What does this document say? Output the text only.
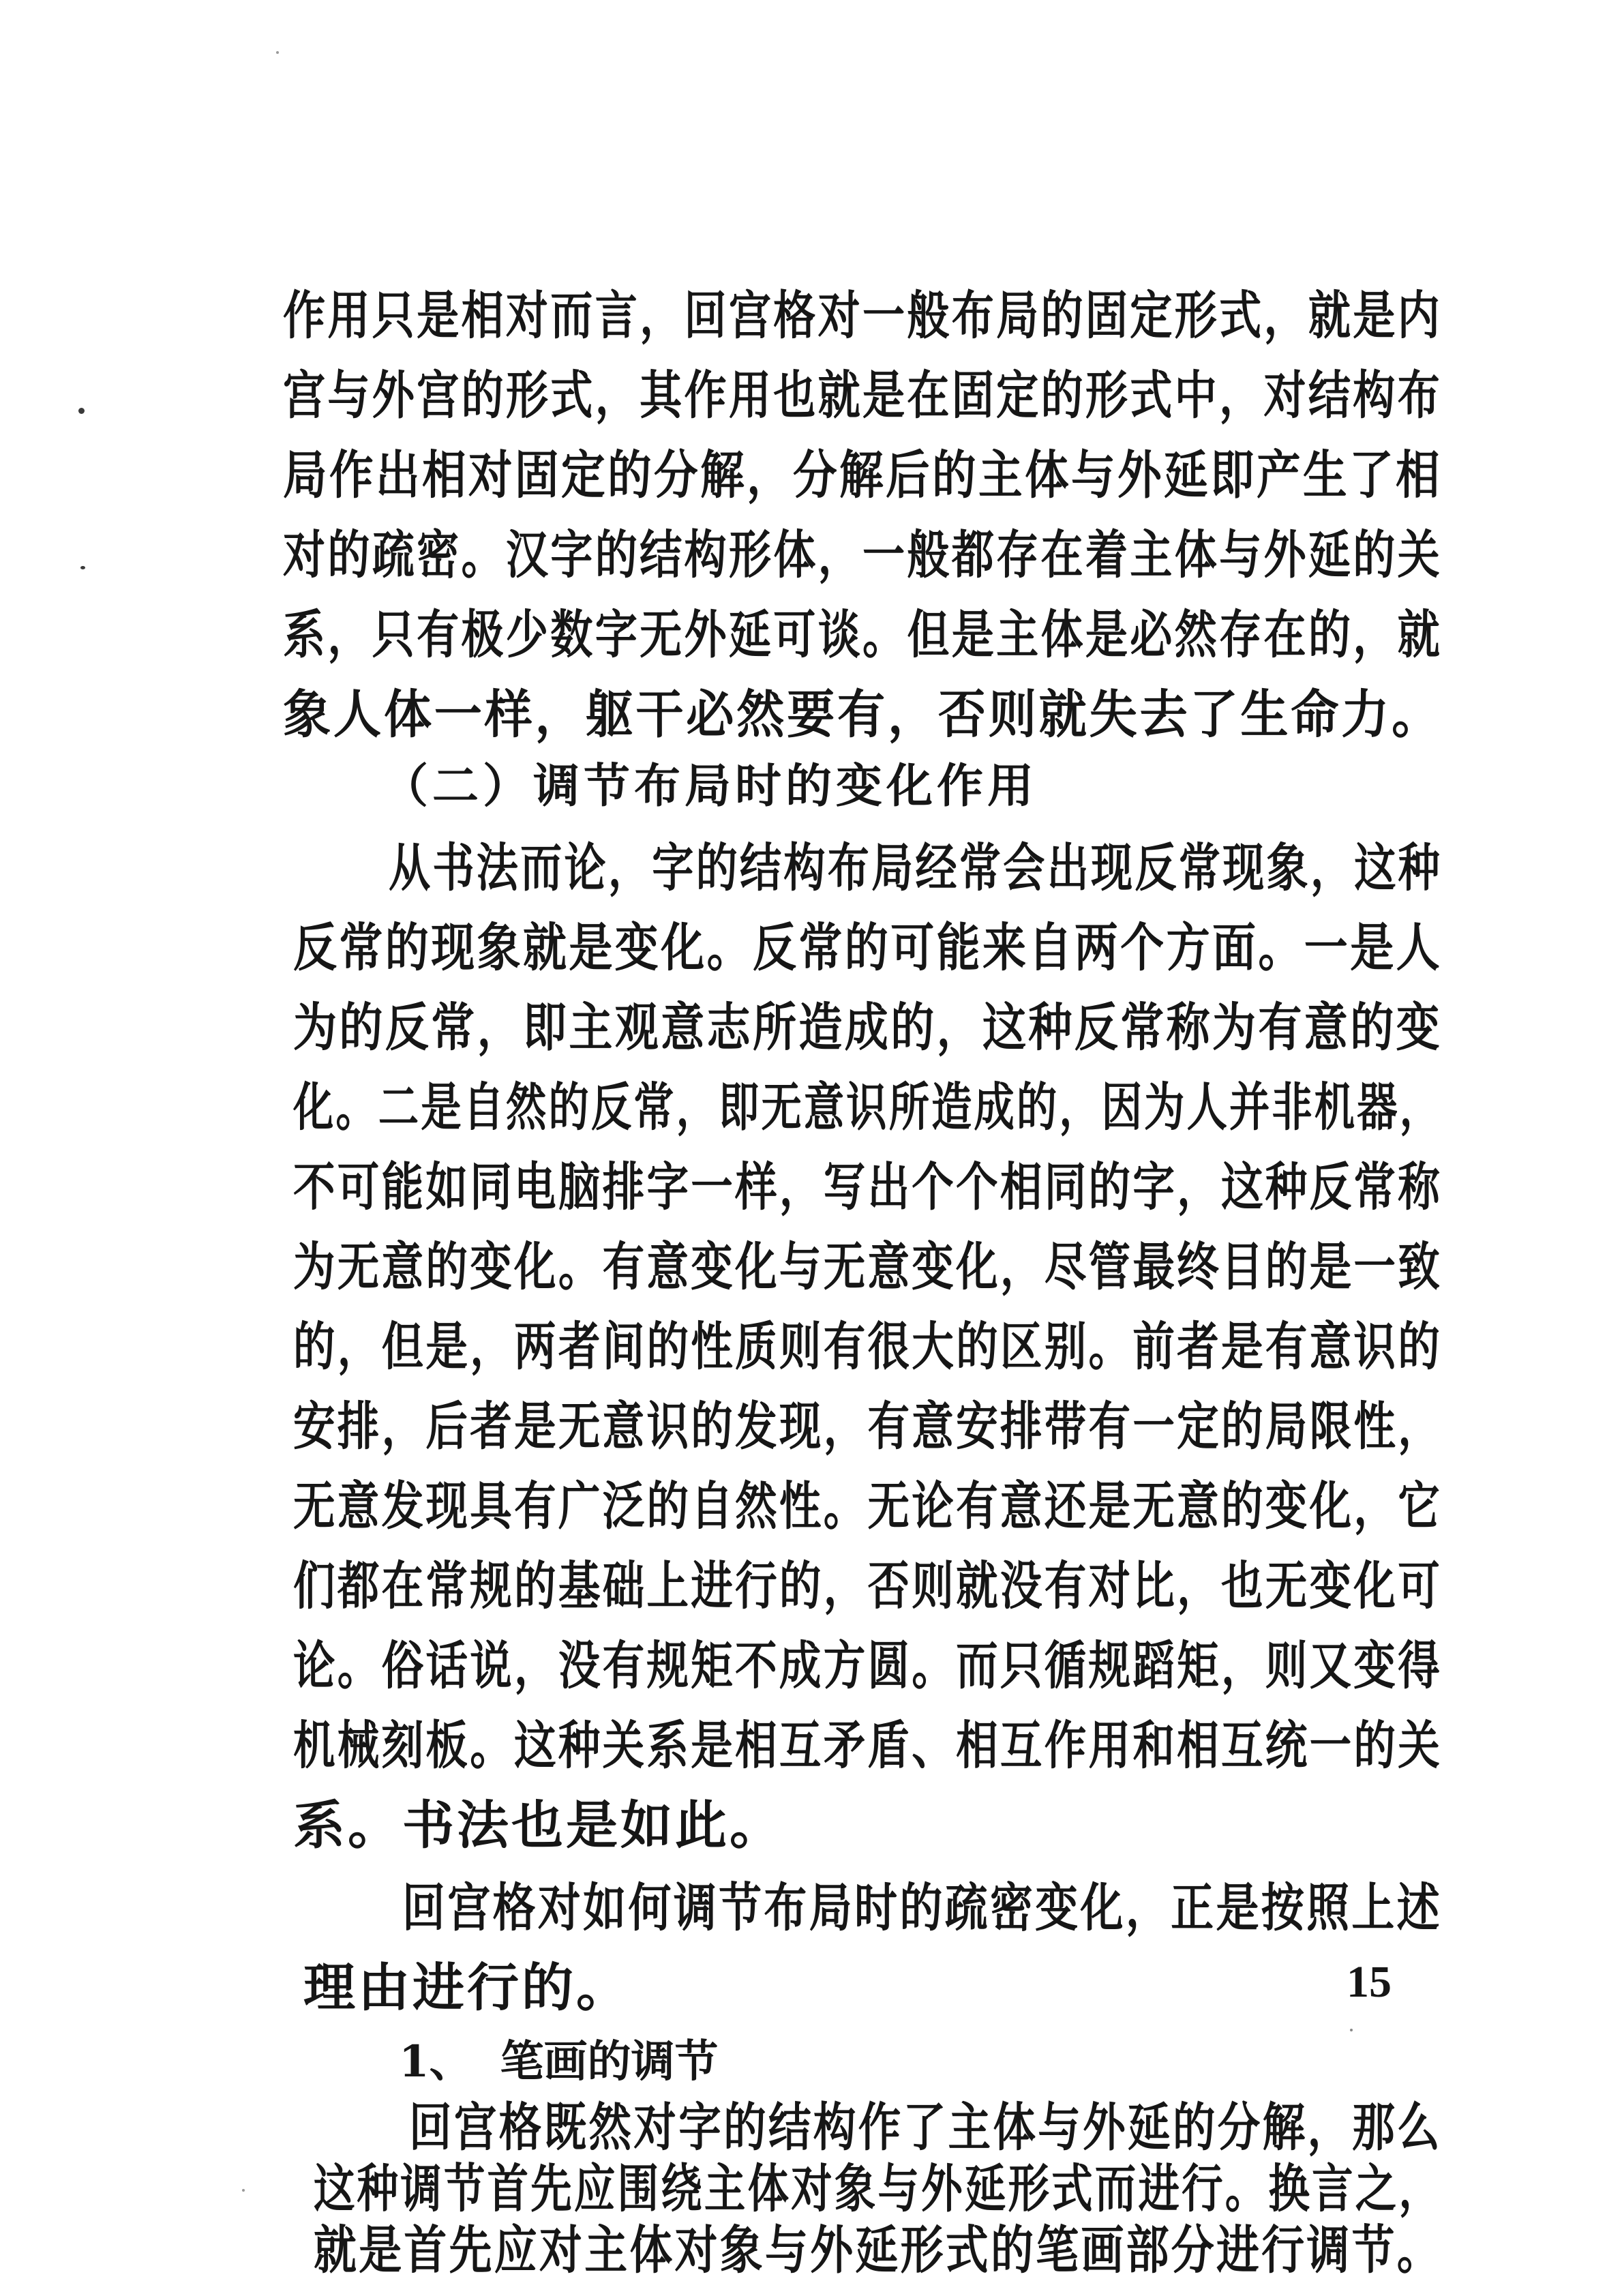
作用只是相对而言，回宫格对一般布局的固定形式，就是内
宫与外宫的形式，其作用也就是在固定的形式中，对结构布
局作出相对固定的分解，分解后的主体与外延即产生了相
对的疏密。汉字的结构形体，一般都存在着主体与外延的关
系，只有极少数字无外延可谈。但是主体是必然存在的，就
象人体一样，躯干必然要有，否则就失去了生命力。
（二）调节布局时的变化作用
从书法而论，字的结构布局经常会出现反常现象，这种
反常的现象就是变化。反常的可能来自两个方面。一是人
为的反常，即主观意志所造成的，这种反常称为有意的变
化。二是自然的反常，即无意识所造成的，因为人并非机器，
不可能如同电脑排字一样，写出个个相同的字，这种反常称
为无意的变化。有意变化与无意变化，尽管最终目的是一致
的，但是，两者间的性质则有很大的区别。前者是有意识的
安排，后者是无意识的发现，有意安排带有一定的局限性，
无意发现具有广泛的自然性。无论有意还是无意的变化，它
们都在常规的基础上进行的，否则就没有对比，也无变化可
论。俗话说，没有规矩不成方圆。而只循规蹈矩，则又变得
机械刻板。这种关系是相互矛盾、相互作用和相互统一的关
系。书法也是如此。
回宫格对如何调节布局时的疏密变化，正是按照上述
理由进行的。
1、 笔画的调节
回宫格既然对字的结构作了主体与外延的分解，那么
这种调节首先应围绕主体对象与外延形式而进行。换言之，
就是首先应对主体对象与外延形式的笔画部分进行调节。
15
